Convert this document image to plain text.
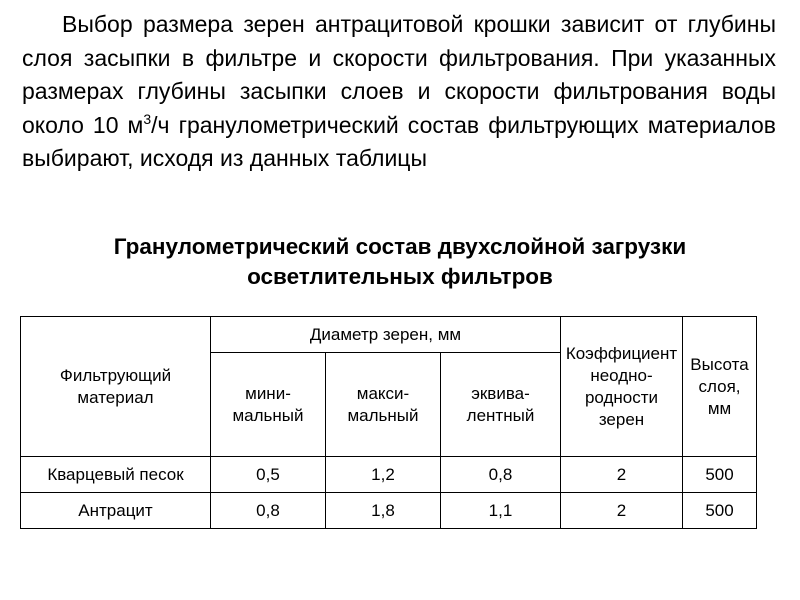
Выбор размера зерен антрацитовой крошки зависит от глубины слоя засыпки в фильтре и скорости фильтрования. При указанных размерах глубины засыпки слоев и скорости фильтрования воды около 10 $м^3/ч$ гранулометрический состав фильтрующих материалов выбирают, исходя из данных таблицы

Гранулометрический состав двухслойной загрузки
осветлительных фильтров
Фильтрующий материал	Диаметр зерен, мм			Коэффициент неоднородности зерен	Высота слоя, мм
	минимальный	максимальный	эквивалентный		
Кварцевый песок	0,5	1,2	0,8	2	500
Антрацит	0,8	1,8	1,1	2	500
